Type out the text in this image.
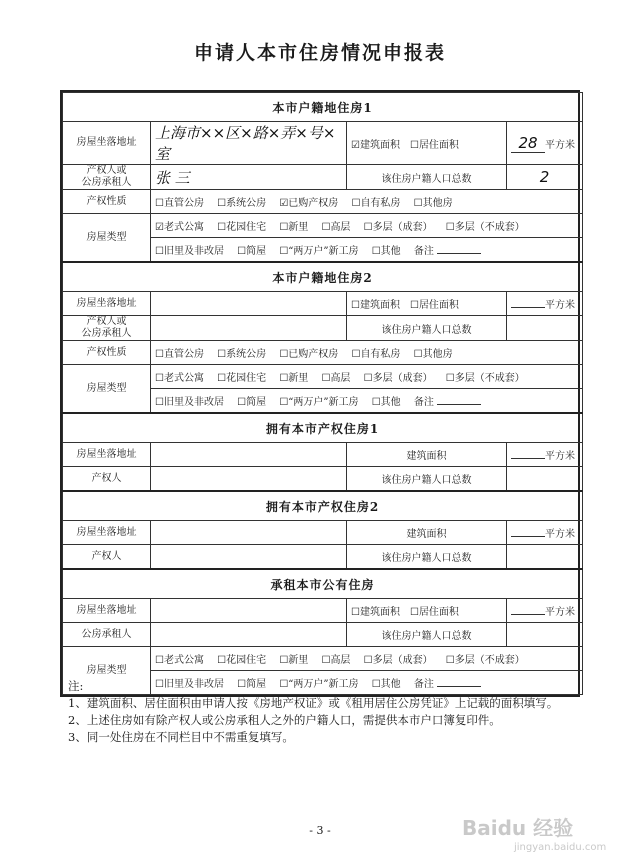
申请人本市住房情况申报表
本市户籍地住房1			
房屋坐落地址	上海市××区×路×弄×号×室	☑建筑面积 ☐居住面积	28 平方米
产权人或
公房承租人	张 三	该住房户籍人口总数	2
产权性质	☐直管公房 ☐系统公房 ☑已购产权房 ☐自有私房 ☐其他房		
房屋类型	☑老式公寓 ☐花园住宅 ☐新里 ☐高层 ☐多层（成套） ☐多层（不成套）		
	☐旧里及非改居 ☐简屋 ☐“两万户”新工房 ☐其他 备注		
本市户籍地住房2			
房屋坐落地址		☐建筑面积 ☐居住面积	平方米
产权人或
公房承租人		该住房户籍人口总数	
产权性质	☐直管公房 ☐系统公房 ☐已购产权房 ☐自有私房 ☐其他房		
房屋类型	☐老式公寓 ☐花园住宅 ☐新里 ☐高层 ☐多层（成套） ☐多层（不成套）		
	☐旧里及非改居 ☐简屋 ☐“两万户”新工房 ☐其他 备注		
拥有本市产权住房1			
房屋坐落地址		建筑面积	平方米
产权人		该住房户籍人口总数	
拥有本市产权住房2			
房屋坐落地址		建筑面积	平方米
产权人		该住房户籍人口总数	
承租本市公有住房			
房屋坐落地址		☐建筑面积 ☐居住面积	平方米
公房承租人		该住房户籍人口总数	
房屋类型	☐老式公寓 ☐花园住宅 ☐新里 ☐高层 ☐多层（成套） ☐多层（不成套）		
	☐旧里及非改居 ☐简屋 ☐“两万户”新工房 ☐其他 备注		
注:
1、建筑面积、居住面积由申请人按《房地产权证》或《租用居住公房凭证》上记载的面积填写。
2、上述住房如有除产权人或公房承租人之外的户籍人口，需提供本市户口簿复印件。
3、同一处住房在不同栏目中不需重复填写。
- 3 -	Baidu 经验
jingyan.baidu.com
